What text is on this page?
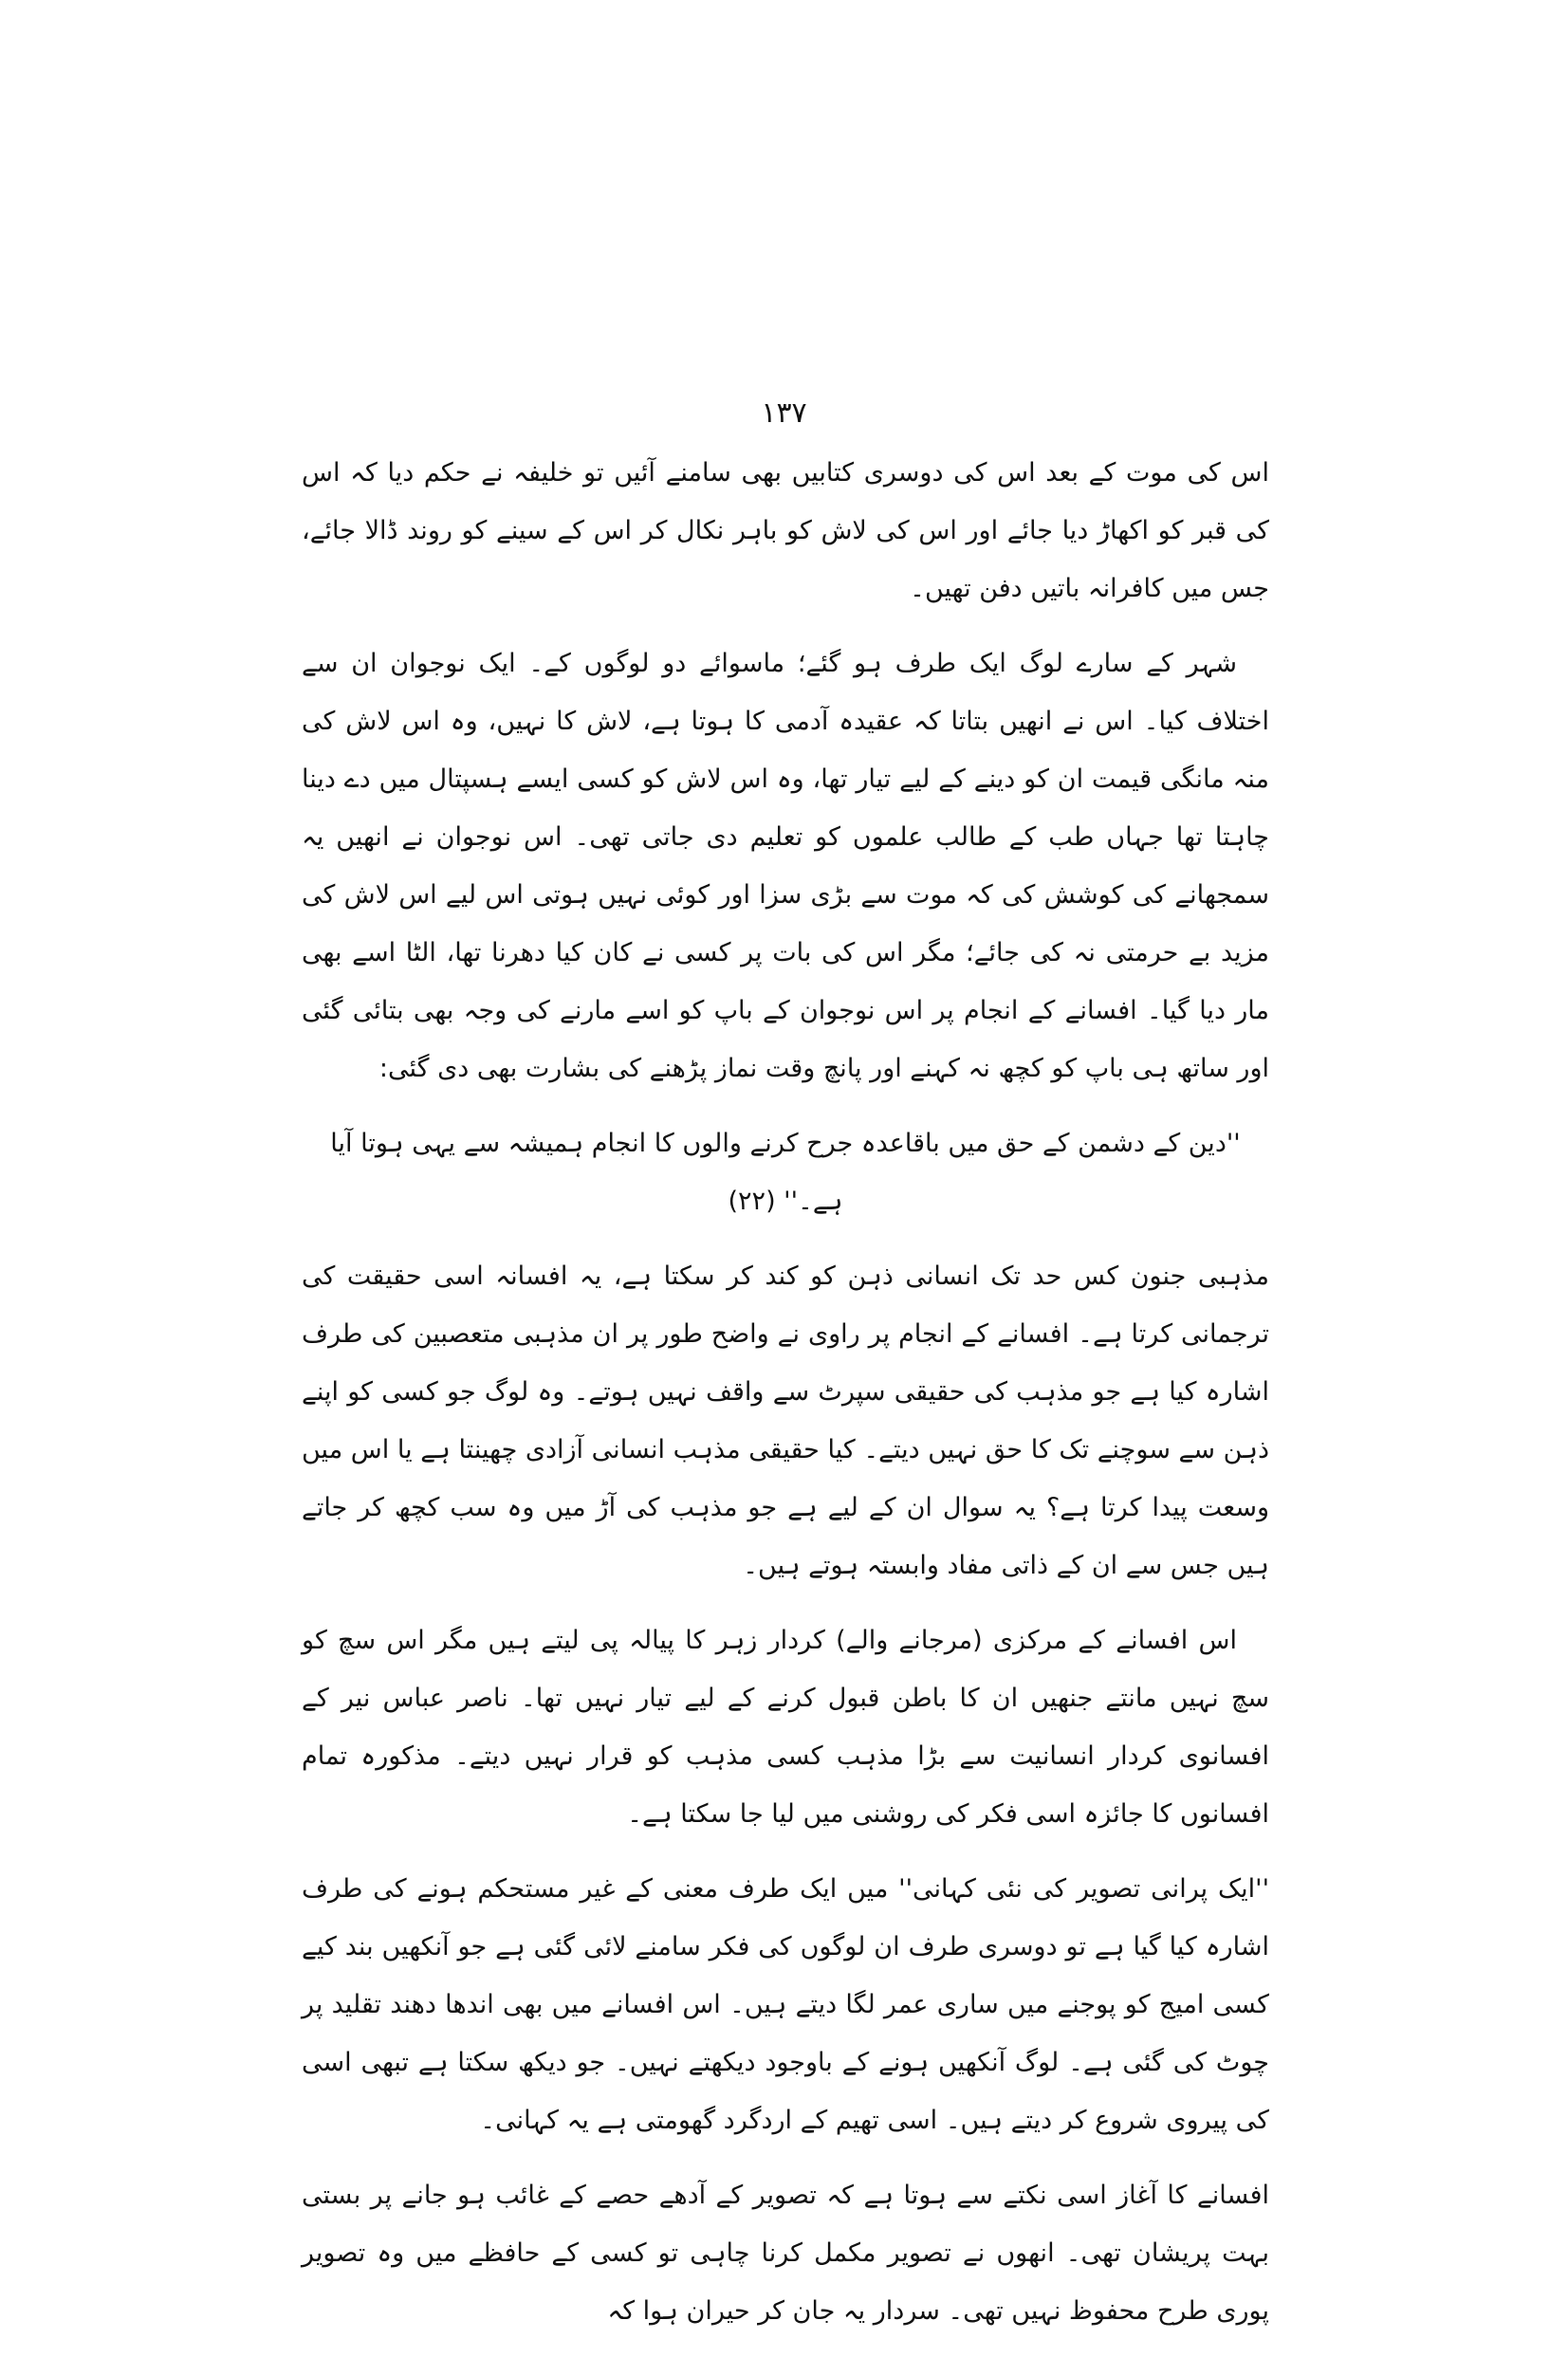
۱۳۷

اس کی موت کے بعد اس کی دوسری کتابیں بھی سامنے آئیں تو خلیفہ نے حکم دیا کہ اس کی قبر کو اکھاڑ دیا جائے اور اس کی لاش کو باہر نکال کر اس کے سینے کو روند ڈالا جائے، جس میں کافرانہ باتیں دفن تھیں۔

شہر کے سارے لوگ ایک طرف ہو گئے؛ ماسوائے دو لوگوں کے۔ ایک نوجوان ان سے اختلاف کیا۔ اس نے انھیں بتاتا کہ عقیدہ آدمی کا ہوتا ہے، لاش کا نہیں، وہ اس لاش کی منہ مانگی قیمت ان کو دینے کے لیے تیار تھا، وہ اس لاش کو کسی ایسے ہسپتال میں دے دینا چاہتا تھا جہاں طب کے طالب علموں کو تعلیم دی جاتی تھی۔ اس نوجوان نے انھیں یہ سمجھانے کی کوشش کی کہ موت سے بڑی سزا اور کوئی نہیں ہوتی اس لیے اس لاش کی مزید بے حرمتی نہ کی جائے؛ مگر اس کی بات پر کسی نے کان کیا دھرنا تھا، الٹا اسے بھی مار دیا گیا۔ افسانے کے انجام پر اس نوجوان کے باپ کو اسے مارنے کی وجہ بھی بتائی گئی اور ساتھ ہی باپ کو کچھ نہ کہنے اور پانچ وقت نماز پڑھنے کی بشارت بھی دی گئی:

''دین کے دشمن کے حق میں باقاعدہ جرح کرنے والوں کا انجام ہمیشہ سے یہی ہوتا آیا ہے۔'' (۲۲)

مذہبی جنون کس حد تک انسانی ذہن کو کند کر سکتا ہے، یہ افسانہ اسی حقیقت کی ترجمانی کرتا ہے۔ افسانے کے انجام پر راوی نے واضح طور پر ان مذہبی متعصبین کی طرف اشارہ کیا ہے جو مذہب کی حقیقی سپرٹ سے واقف نہیں ہوتے۔ وہ لوگ جو کسی کو اپنے ذہن سے سوچنے تک کا حق نہیں دیتے۔ کیا حقیقی مذہب انسانی آزادی چھینتا ہے یا اس میں وسعت پیدا کرتا ہے؟ یہ سوال ان کے لیے ہے جو مذہب کی آڑ میں وہ سب کچھ کر جاتے ہیں جس سے ان کے ذاتی مفاد وابستہ ہوتے ہیں۔

اس افسانے کے مرکزی (مرجانے والے) کردار زہر کا پیالہ پی لیتے ہیں مگر اس سچ کو سچ نہیں مانتے جنھیں ان کا باطن قبول کرنے کے لیے تیار نہیں تھا۔ ناصر عباس نیر کے افسانوی کردار انسانیت سے بڑا مذہب کسی مذہب کو قرار نہیں دیتے۔ مذکورہ تمام افسانوں کا جائزہ اسی فکر کی روشنی میں لیا جا سکتا ہے۔

''ایک پرانی تصویر کی نئی کہانی'' میں ایک طرف معنی کے غیر مستحکم ہونے کی طرف اشارہ کیا گیا ہے تو دوسری طرف ان لوگوں کی فکر سامنے لائی گئی ہے جو آنکھیں بند کیے کسی امیج کو پوجنے میں ساری عمر لگا دیتے ہیں۔ اس افسانے میں بھی اندھا دھند تقلید پر چوٹ کی گئی ہے۔ لوگ آنکھیں ہونے کے باوجود دیکھتے نہیں۔ جو دیکھ سکتا ہے تبھی اسی کی پیروی شروع کر دیتے ہیں۔ اسی تھیم کے اردگرد گھومتی ہے یہ کہانی۔

افسانے کا آغاز اسی نکتے سے ہوتا ہے کہ تصویر کے آدھے حصے کے غائب ہو جانے پر بستی بہت پریشان تھی۔ انھوں نے تصویر مکمل کرنا چاہی تو کسی کے حافظے میں وہ تصویر پوری طرح محفوظ نہیں تھی۔ سردار یہ جان کر حیران ہوا کہ
